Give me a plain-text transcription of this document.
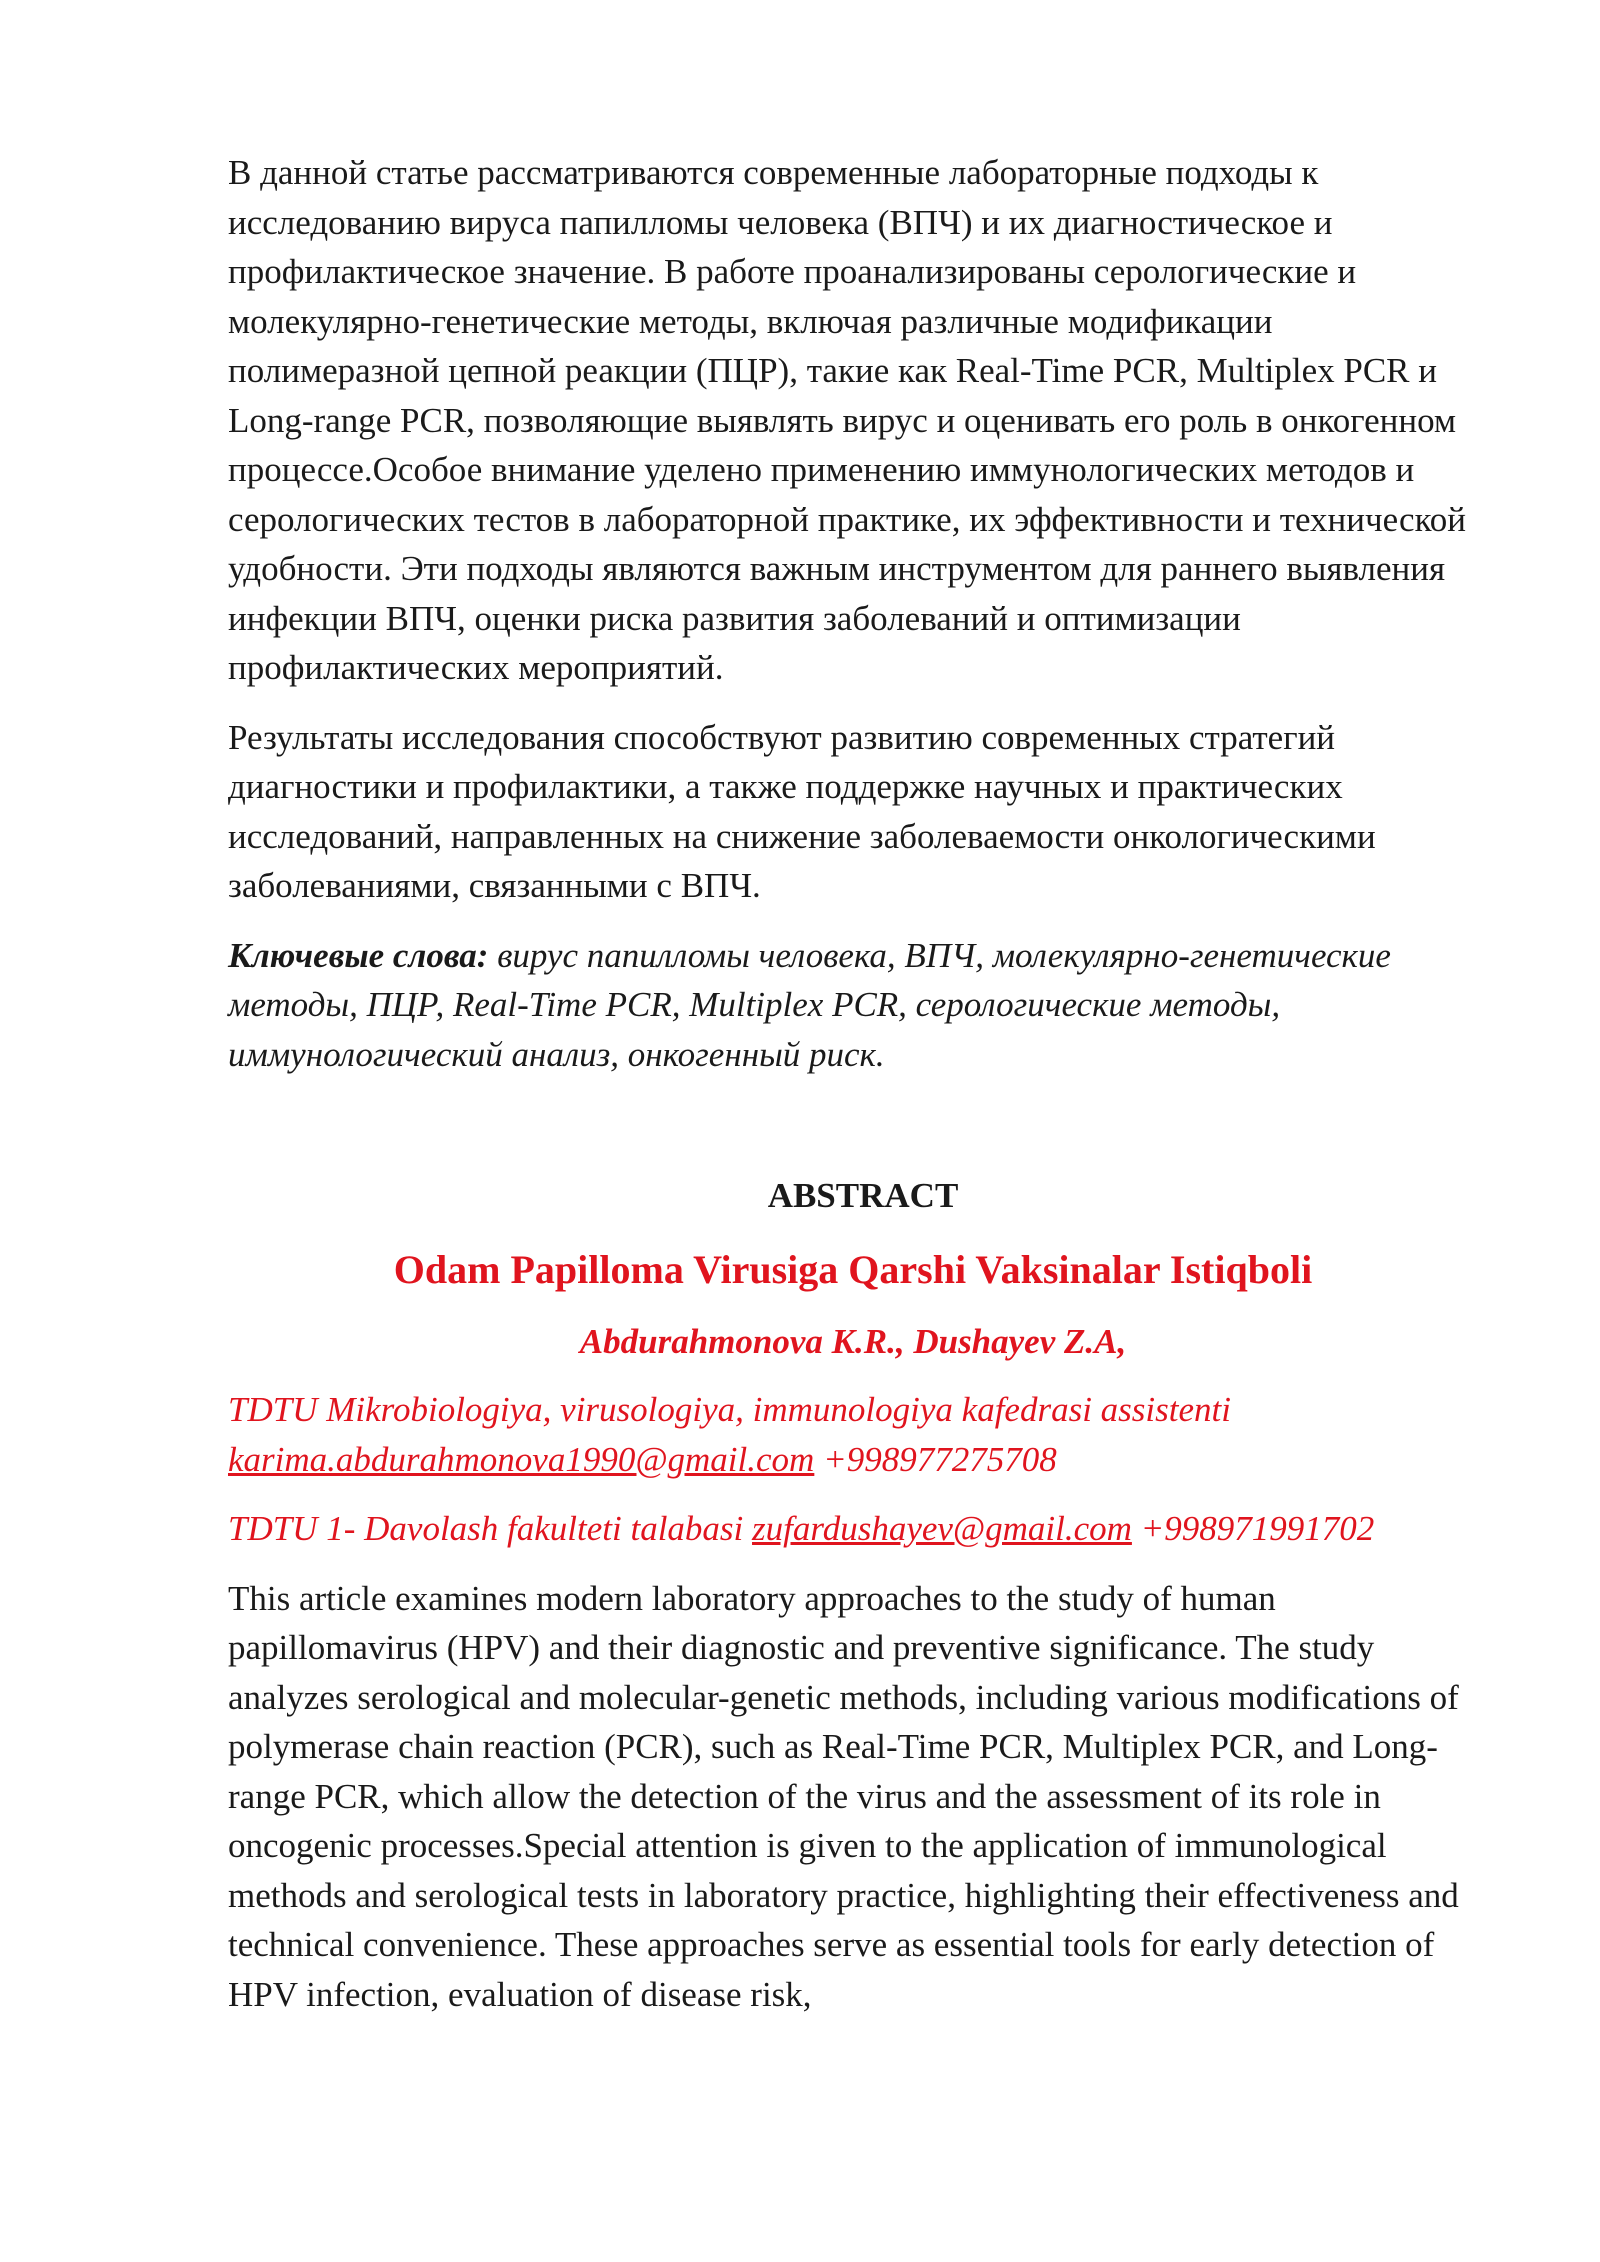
В данной статье рассматриваются современные лабораторные подходы к исследованию вируса папилломы человека (ВПЧ) и их диагностическое и профилактическое значение. В работе проанализированы серологические и молекулярно-генетические методы, включая различные модификации полимеразной цепной реакции (ПЦР), такие как Real-Time PCR, Multiplex PCR и Long-range PCR, позволяющие выявлять вирус и оценивать его роль в онкогенном процессе.Особое внимание уделено применению иммунологических методов и серологических тестов в лабораторной практике, их эффективности и технической удобности. Эти подходы являются важным инструментом для раннего выявления инфекции ВПЧ, оценки риска развития заболеваний и оптимизации профилактических мероприятий.

Результаты исследования способствуют развитию современных стратегий диагностики и профилактики, а также поддержке научных и практических исследований, направленных на снижение заболеваемости онкологическими заболеваниями, связанными с ВПЧ.

Ключевые слова: вирус папилломы человека, ВПЧ, молекулярно-генетические методы, ПЦР, Real-Time PCR, Multiplex PCR, серологические методы, иммунологический анализ, онкогенный риск.

ABSTRACT
Odam Papilloma Virusiga Qarshi Vaksinalar Istiqboli
Abdurahmonova K.R., Dushayev Z.A,

TDTU Mikrobiologiya, virusologiya, immunologiya kafedrasi assistenti
karima.abdurahmonova1990@gmail.com +998977275708

TDTU 1- Davolash fakulteti talabasi zufardushayev@gmail.com +998971991702

This article examines modern laboratory approaches to the study of human papillomavirus (HPV) and their diagnostic and preventive significance. The study analyzes serological and molecular-genetic methods, including various modifications of polymerase chain reaction (PCR), such as Real-Time PCR, Multiplex PCR, and Long-range PCR, which allow the detection of the virus and the assessment of its role in oncogenic processes.Special attention is given to the application of immunological methods and serological tests in laboratory practice, highlighting their effectiveness and technical convenience. These approaches serve as essential tools for early detection of HPV infection, evaluation of disease risk,
